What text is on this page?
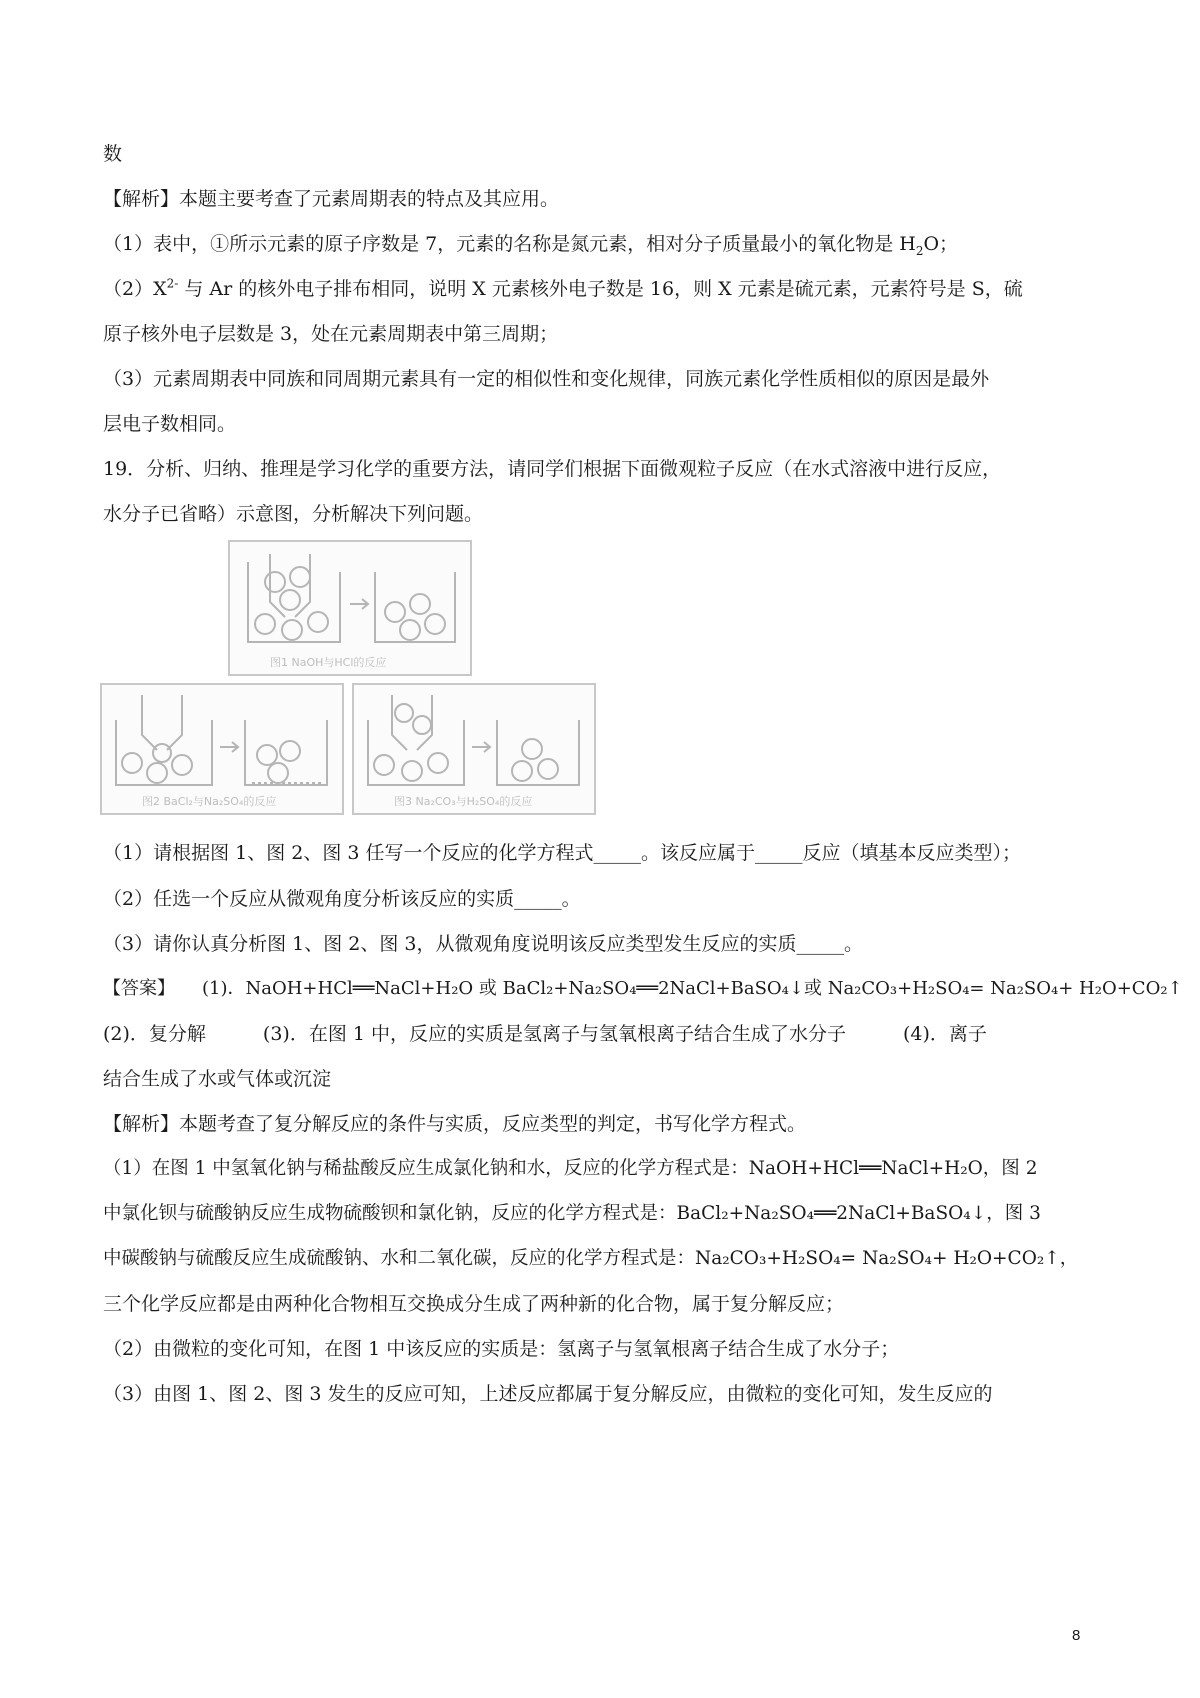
数
【解析】本题主要考查了元素周期表的特点及其应用。
（1）表中，①所示元素的原子序数是 7，元素的名称是氮元素，相对分子质量最小的氧化物是 $H_2O$；
$(2)X^{2-}$ 与 Ar 的核外电子排布相同，说明 X 元素核外电子数是 16，则 X 元素是硫元素，元素符号是 S，硫
原子核外电子层数是 3，处在元素周期表中第三周期；
（3）元素周期表中同族和同周期元素具有一定的相似性和变化规律，同族元素化学性质相似的原因是最外
层电子数相同。
19．分析、归纳、推理是学习化学的重要方法，请同学们根据下面微观粒子反应（在水式溶液中进行反应，
水分子已省略）示意图，分析解决下列问题。
图1 NaOH与HCl的反应
图2 BaCl₂与Na₂SO₄的反应	图3 Na₂CO₃与H₂SO₄的反应
（1）请根据图 1、图 2、图 3 任写一个反应的化学方程式_____。该反应属于_____反应（填基本反应类型）；
（2）任选一个反应从微观角度分析该反应的实质_____。
（3）请你认真分析图 1、图 2、图 3，从微观角度说明该反应类型发生反应的实质_____。
【答案】　　(1)．NaOH+HCl══NaCl+H₂O 或 BaCl₂+Na₂SO₄══2NaCl+BaSO₄↓或 Na₂CO₃+H₂SO₄= Na₂SO₄+ H₂O+CO₂↑
(2)．复分解　　　(3)．在图 1 中，反应的实质是氢离子与氢氧根离子结合生成了水分子　　　(4)．离子
结合生成了水或气体或沉淀
【解析】本题考查了复分解反应的条件与实质，反应类型的判定，书写化学方程式。
（1）在图 1 中氢氧化钠与稀盐酸反应生成氯化钠和水，反应的化学方程式是：NaOH+HCl══NaCl+H₂O，图 2
中氯化钡与硫酸钠反应生成物硫酸钡和氯化钠，反应的化学方程式是：BaCl₂+Na₂SO₄══2NaCl+BaSO₄↓，图 3
中碳酸钠与硫酸反应生成硫酸钠、水和二氧化碳，反应的化学方程式是：Na₂CO₃+H₂SO₄= Na₂SO₄+ H₂O+CO₂↑，
三个化学反应都是由两种化合物相互交换成分生成了两种新的化合物，属于复分解反应；
（2）由微粒的变化可知，在图 1 中该反应的实质是：氢离子与氢氧根离子结合生成了水分子；
（3）由图 1、图 2、图 3 发生的反应可知，上述反应都属于复分解反应，由微粒的变化可知，发生反应的
8
